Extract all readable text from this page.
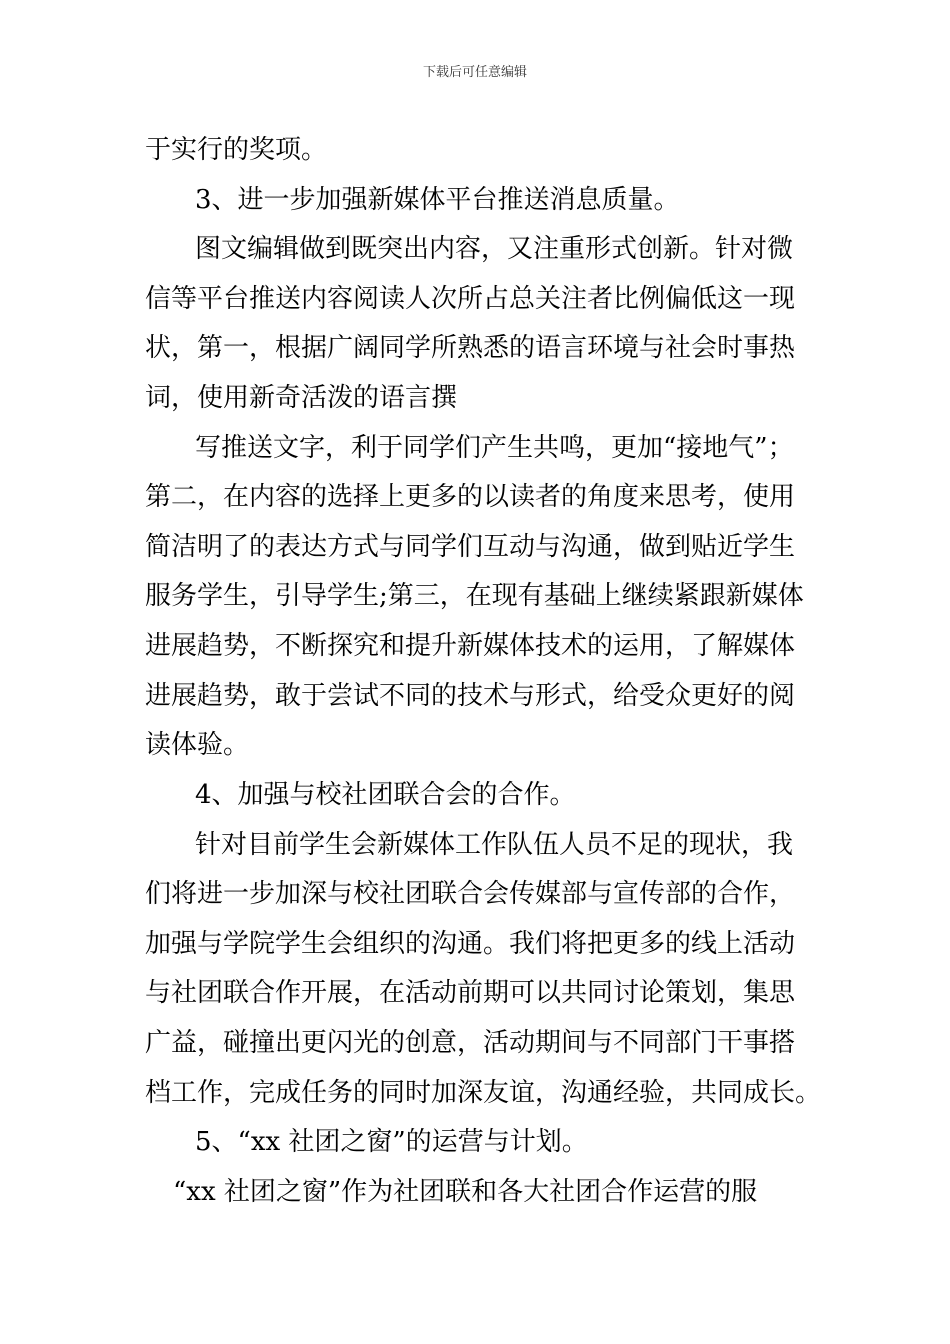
下载后可任意编辑
于实行的奖项。
3、进一步加强新媒体平台推送消息质量。
图文编辑做到既突出内容，又注重形式创新。针对微
信等平台推送内容阅读人次所占总关注者比例偏低这一现
状，第一，根据广阔同学所熟悉的语言环境与社会时事热
词，使用新奇活泼的语言撰
写推送文字，利于同学们产生共鸣，更加“接地气”；
第二，在内容的选择上更多的以读者的角度来思考，使用
简洁明了的表达方式与同学们互动与沟通，做到贴近学生
服务学生，引导学生;第三，在现有基础上继续紧跟新媒体
进展趋势，不断探究和提升新媒体技术的运用，了解媒体
进展趋势，敢于尝试不同的技术与形式，给受众更好的阅
读体验。
4、加强与校社团联合会的合作。
针对目前学生会新媒体工作队伍人员不足的现状，我
们将进一步加深与校社团联合会传媒部与宣传部的合作，
加强与学院学生会组织的沟通。我们将把更多的线上活动
与社团联合作开展，在活动前期可以共同讨论策划，集思
广益，碰撞出更闪光的创意，活动期间与不同部门干事搭
档工作，完成任务的同时加深友谊，沟通经验，共同成长。
5、“xx 社团之窗”的运营与计划。
“xx 社团之窗”作为社团联和各大社团合作运营的服
